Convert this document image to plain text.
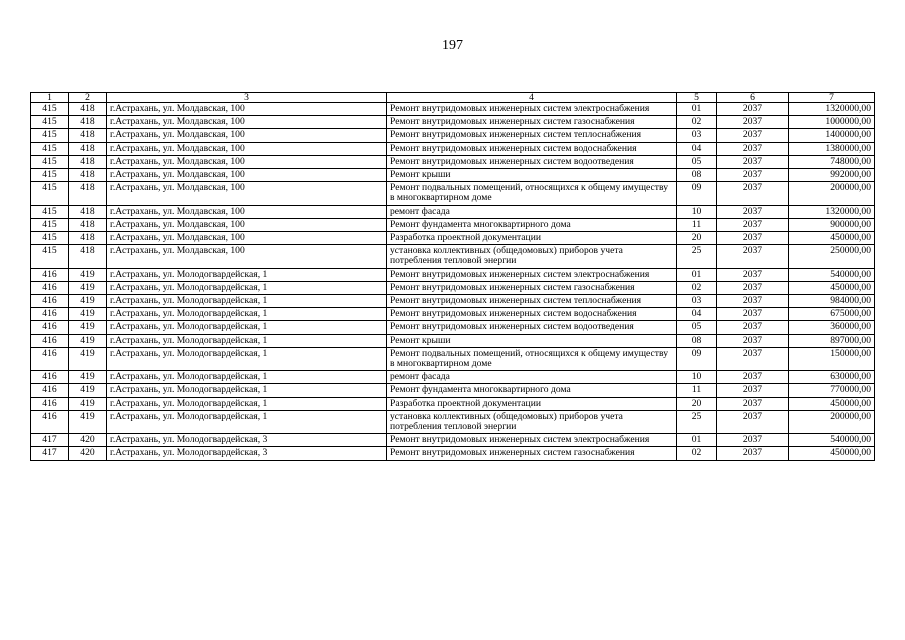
197
1	2	3	4	5	6	7
415	418	г.Астрахань, ул. Молдавская, 100	Ремонт внутридомовых инженерных систем электроснабжения	01	2037	1320000,00
415	418	г.Астрахань, ул. Молдавская, 100	Ремонт внутридомовых инженерных систем газоснабжения	02	2037	1000000,00
415	418	г.Астрахань, ул. Молдавская, 100	Ремонт внутридомовых инженерных систем теплоснабжения	03	2037	1400000,00
415	418	г.Астрахань, ул. Молдавская, 100	Ремонт внутридомовых инженерных систем водоснабжения	04	2037	1380000,00
415	418	г.Астрахань, ул. Молдавская, 100	Ремонт внутридомовых инженерных систем водоотведения	05	2037	748000,00
415	418	г.Астрахань, ул. Молдавская, 100	Ремонт крыши	08	2037	992000,00
415	418	г.Астрахань, ул. Молдавская, 100	Ремонт подвальных помещений, относящихся к общему имуществу в многоквартирном доме	09	2037	200000,00
415	418	г.Астрахань, ул. Молдавская, 100	ремонт фасада	10	2037	1320000,00
415	418	г.Астрахань, ул. Молдавская, 100	Ремонт фундамента многоквартирного дома	11	2037	900000,00
415	418	г.Астрахань, ул. Молдавская, 100	Разработка проектной документации	20	2037	450000,00
415	418	г.Астрахань, ул. Молдавская, 100	установка коллективных (общедомовых) приборов учета потребления тепловой энергии	25	2037	250000,00
416	419	г.Астрахань, ул. Молодогвардейская, 1	Ремонт внутридомовых инженерных систем электроснабжения	01	2037	540000,00
416	419	г.Астрахань, ул. Молодогвардейская, 1	Ремонт внутридомовых инженерных систем газоснабжения	02	2037	450000,00
416	419	г.Астрахань, ул. Молодогвардейская, 1	Ремонт внутридомовых инженерных систем теплоснабжения	03	2037	984000,00
416	419	г.Астрахань, ул. Молодогвардейская, 1	Ремонт внутридомовых инженерных систем водоснабжения	04	2037	675000,00
416	419	г.Астрахань, ул. Молодогвардейская, 1	Ремонт внутридомовых инженерных систем водоотведения	05	2037	360000,00
416	419	г.Астрахань, ул. Молодогвардейская, 1	Ремонт крыши	08	2037	897000,00
416	419	г.Астрахань, ул. Молодогвардейская, 1	Ремонт подвальных помещений, относящихся к общему имуществу в многоквартирном доме	09	2037	150000,00
416	419	г.Астрахань, ул. Молодогвардейская, 1	ремонт фасада	10	2037	630000,00
416	419	г.Астрахань, ул. Молодогвардейская, 1	Ремонт фундамента многоквартирного дома	11	2037	770000,00
416	419	г.Астрахань, ул. Молодогвардейская, 1	Разработка проектной документации	20	2037	450000,00
416	419	г.Астрахань, ул. Молодогвардейская, 1	установка коллективных (общедомовых) приборов учета потребления тепловой энергии	25	2037	200000,00
417	420	г.Астрахань, ул. Молодогвардейская, 3	Ремонт внутридомовых инженерных систем электроснабжения	01	2037	540000,00
417	420	г.Астрахань, ул. Молодогвардейская, 3	Ремонт внутридомовых инженерных систем газоснабжения	02	2037	450000,00
